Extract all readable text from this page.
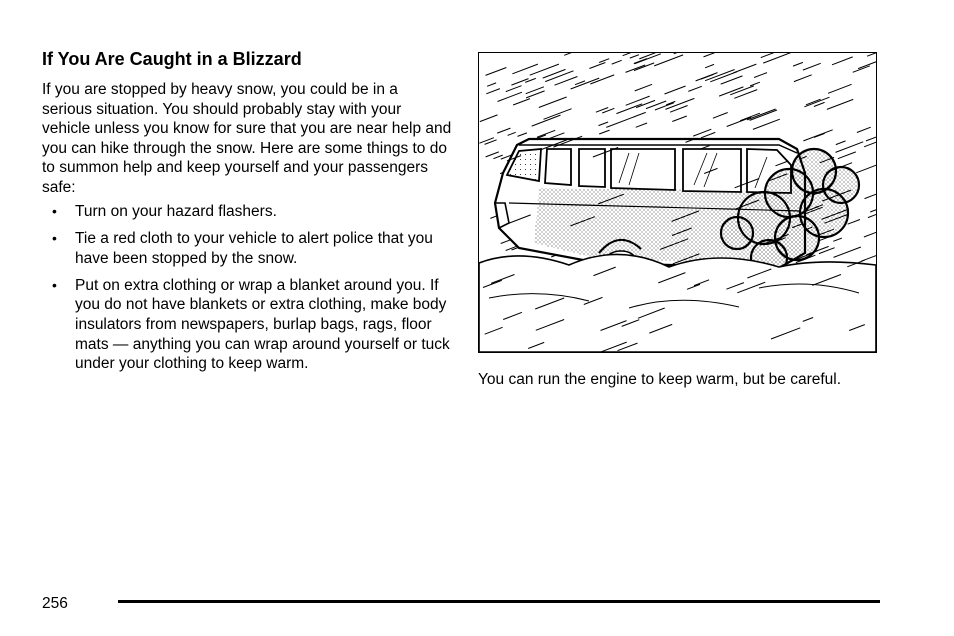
If You Are Caught in a Blizzard

If you are stopped by heavy snow, you could be in a serious situation. You should probably stay with your vehicle unless you know for sure that you are near help and you can hike through the snow. Here are some things to do to summon help and keep yourself and your passengers safe:

• Turn on your hazard flashers.
• Tie a red cloth to your vehicle to alert police that you have been stopped by the snow.
• Put on extra clothing or wrap a blanket around you. If you do not have blankets or extra clothing, make body insulators from newspapers, burlap bags, rags, floor mats — anything you can wrap around yourself or tuck under your clothing to keep warm.

You can run the engine to keep warm, but be careful.

256
